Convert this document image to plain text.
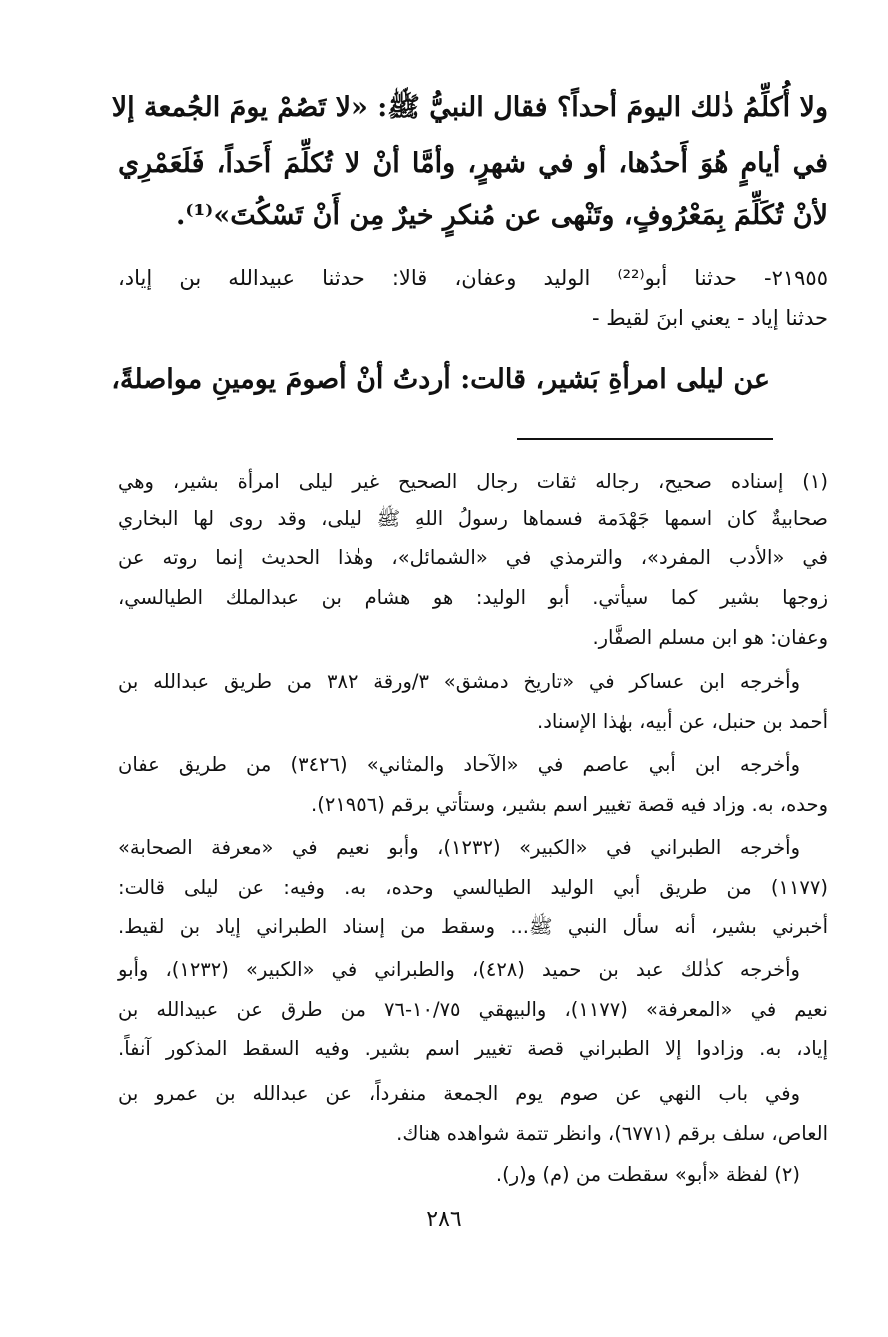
ولا أُكلِّمُ ذٰلك اليومَ أحداً؟ فقال النبيُّ ﷺ: «لا تَصُمْ يومَ الجُمعة إلا
في أيامٍ هُوَ أَحدُها، أو في شهرٍ، وأمَّا أنْ لا تُكلِّمَ أَحَداً، فَلَعَمْرِي
لأنْ تُكَلِّمَ بِمَعْرُوفٍ، وتَنْهى عن مُنكرٍ خيرٌ مِن أَنْ تَسْكُتَ»⁽¹⁾.
٢١٩٥٥- حدثنا أبو⁽²²⁾ الوليد وعفان، قالا: حدثنا عبيدالله بن إياد،
حدثنا إياد - يعني ابنَ لقيط -
عن ليلى امرأةِ بَشير، قالت: أردتُ أنْ أصومَ يومينِ مواصلةً،
(١) إسناده صحيح، رجاله ثقات رجال الصحيح غير ليلى امرأة بشير، وهي
صحابيةٌ كان اسمها جَهْدَمة فسماها رسولُ اللهِ ﷺ ليلى، وقد روى لها البخاري
في «الأدب المفرد»، والترمذي في «الشمائل»، وهٰذا الحديث إنما روته عن
زوجها بشير كما سيأتي. أبو الوليد: هو هشام بن عبدالملك الطيالسي،
وعفان: هو ابن مسلم الصفَّار.
وأخرجه ابن عساكر في «تاريخ دمشق» ٣/ورقة ٣٨٢ من طريق عبدالله بن
أحمد بن حنبل، عن أبيه، بهٰذا الإسناد.
وأخرجه ابن أبي عاصم في «الآحاد والمثاني» (٣٤٢٦) من طريق عفان
وحده، به. وزاد فيه قصة تغيير اسم بشير، وستأتي برقم (٢١٩٥٦).
وأخرجه الطبراني في «الكبير» (١٢٣٢)، وأبو نعيم في «معرفة الصحابة»
(١١٧٧) من طريق أبي الوليد الطيالسي وحده، به. وفيه: عن ليلى قالت:
أخبرني بشير، أنه سأل النبي ﷺ... وسقط من إسناد الطبراني إياد بن لقيط.
وأخرجه كذٰلك عبد بن حميد (٤٢٨)، والطبراني في «الكبير» (١٢٣٢)، وأبو
نعيم في «المعرفة» (١١٧٧)، والبيهقي ١٠/٧٥-٧٦ من طرق عن عبيدالله بن
إياد، به. وزادوا إلا الطبراني قصة تغيير اسم بشير. وفيه السقط المذكور آنفاً.
وفي باب النهي عن صوم يوم الجمعة منفرداً، عن عبدالله بن عمرو بن
العاص، سلف برقم (٦٧٧١)، وانظر تتمة شواهده هناك.
(٢) لفظة «أبو» سقطت من (م) و(ر).
٢٨٦
